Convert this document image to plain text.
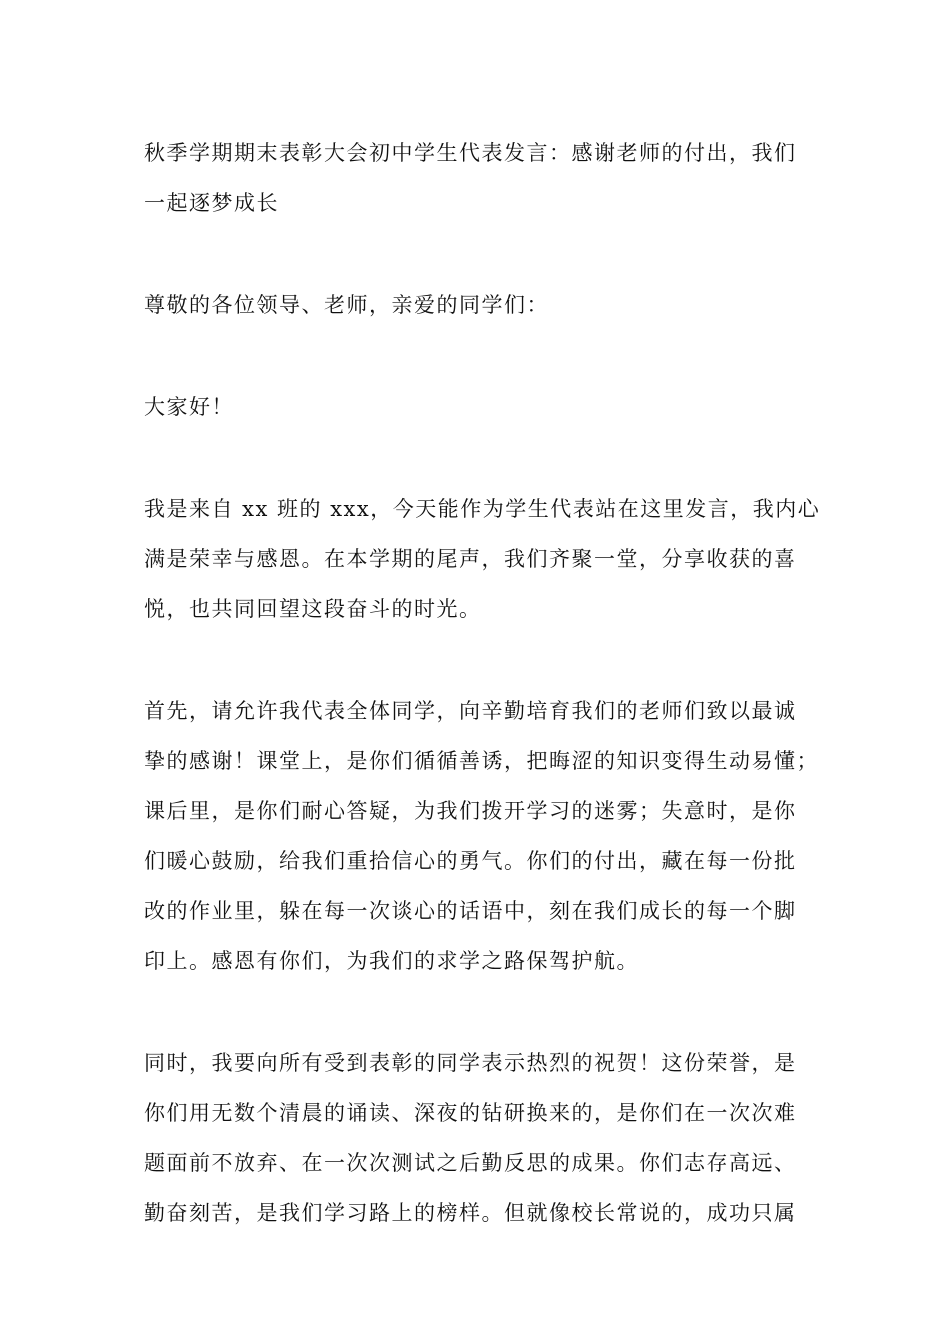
秋季学期期末表彰大会初中学生代表发言：感谢老师的付出，我们
一起逐梦成长
尊敬的各位领导、老师，亲爱的同学们：
大家好！
我是来自 xx 班的 xxx，今天能作为学生代表站在这里发言，我内心
满是荣幸与感恩。在本学期的尾声，我们齐聚一堂，分享收获的喜
悦，也共同回望这段奋斗的时光。
首先，请允许我代表全体同学，向辛勤培育我们的老师们致以最诚
挚的感谢！课堂上，是你们循循善诱，把晦涩的知识变得生动易懂；
课后里，是你们耐心答疑，为我们拨开学习的迷雾；失意时，是你
们暖心鼓励，给我们重拾信心的勇气。你们的付出，藏在每一份批
改的作业里，躲在每一次谈心的话语中，刻在我们成长的每一个脚
印上。感恩有你们，为我们的求学之路保驾护航。
同时，我要向所有受到表彰的同学表示热烈的祝贺！这份荣誉，是
你们用无数个清晨的诵读、深夜的钻研换来的，是你们在一次次难
题面前不放弃、在一次次测试之后勤反思的成果。你们志存高远、
勤奋刻苦，是我们学习路上的榜样。但就像校长常说的，成功只属
